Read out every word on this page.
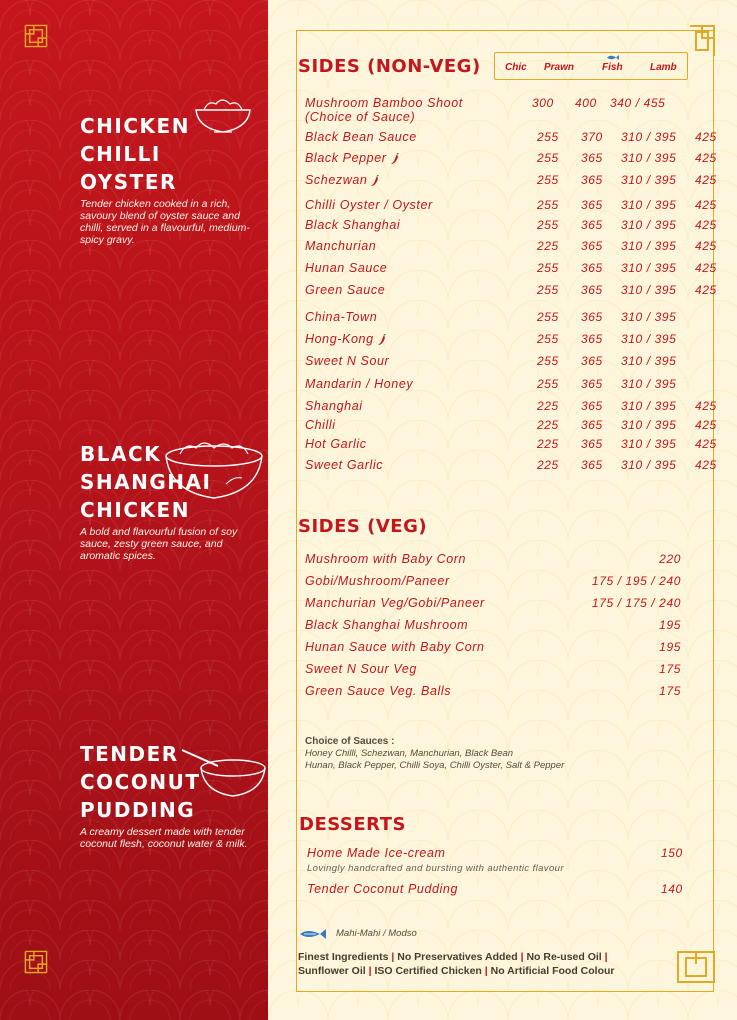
CHICKEN
CHILLI OYSTER
Tender chicken cooked in a rich, savoury blend of oyster sauce and chilli, served in a flavourful, medium-spicy gravy.
BLACK
SHANGHAI
CHICKEN
A bold and flavourful fusion of soy sauce, zesty green sauce, and aromatic spices.
TENDER
COCONUT
PUDDING
A creamy dessert made with tender coconut flesh, coconut water & milk.
SIDES (NON-VEG) Chic Prawn	Fish	Lamb
Mushroom Bamboo Shoot
(Choice of Sauce)
300 400 340 / 455
Black Bean Sauce	255 370 310 / 395 425
Black Pepper	255 365 310 / 395 425
Schezwan	255 365 310 / 395 425
Chilli Oyster / Oyster	255 365 310 / 395 425
Black Shanghai	255 365 310 / 395 425
Manchurian	225 365 310 / 395 425
Hunan Sauce	255 365 310 / 395 425
Green Sauce	255 365 310 / 395 425
China-Town	255 365 310 / 395
Hong-Kong	255 365 310 / 395
Sweet N Sour	255 365 310 / 395
Mandarin / Honey	255 365 310 / 395
Shanghai	225 365 310 / 395 425
Chilli	225 365 310 / 395 425
Hot Garlic	225 365 310 / 395 425
Sweet Garlic	225 365 310 / 395 425
SIDES (VEG)
Mushroom with Baby Corn	220
Gobi/Mushroom/Paneer	175 / 195 / 240
Manchurian Veg/Gobi/Paneer	175 / 175 / 240
Black Shanghai Mushroom	195
Hunan Sauce with Baby Corn	195
Sweet N Sour Veg	175
Green Sauce Veg. Balls	175
Choice of Sauces :
Honey Chilli, Schezwan, Manchurian, Black Bean
Hunan, Black Pepper, Chilli Soya, Chilli Oyster, Salt & Pepper
DESSERTS
Home Made Ice-cream	150
Lovingly handcrafted and bursting with authentic flavour
Tender Coconut Pudding	140
Mahi-Mahi / Modso
Finest Ingredients | No Preservatives Added | No Re-used Oil |
Sunflower Oil | ISO Certified Chicken | No Artificial Food Colour
